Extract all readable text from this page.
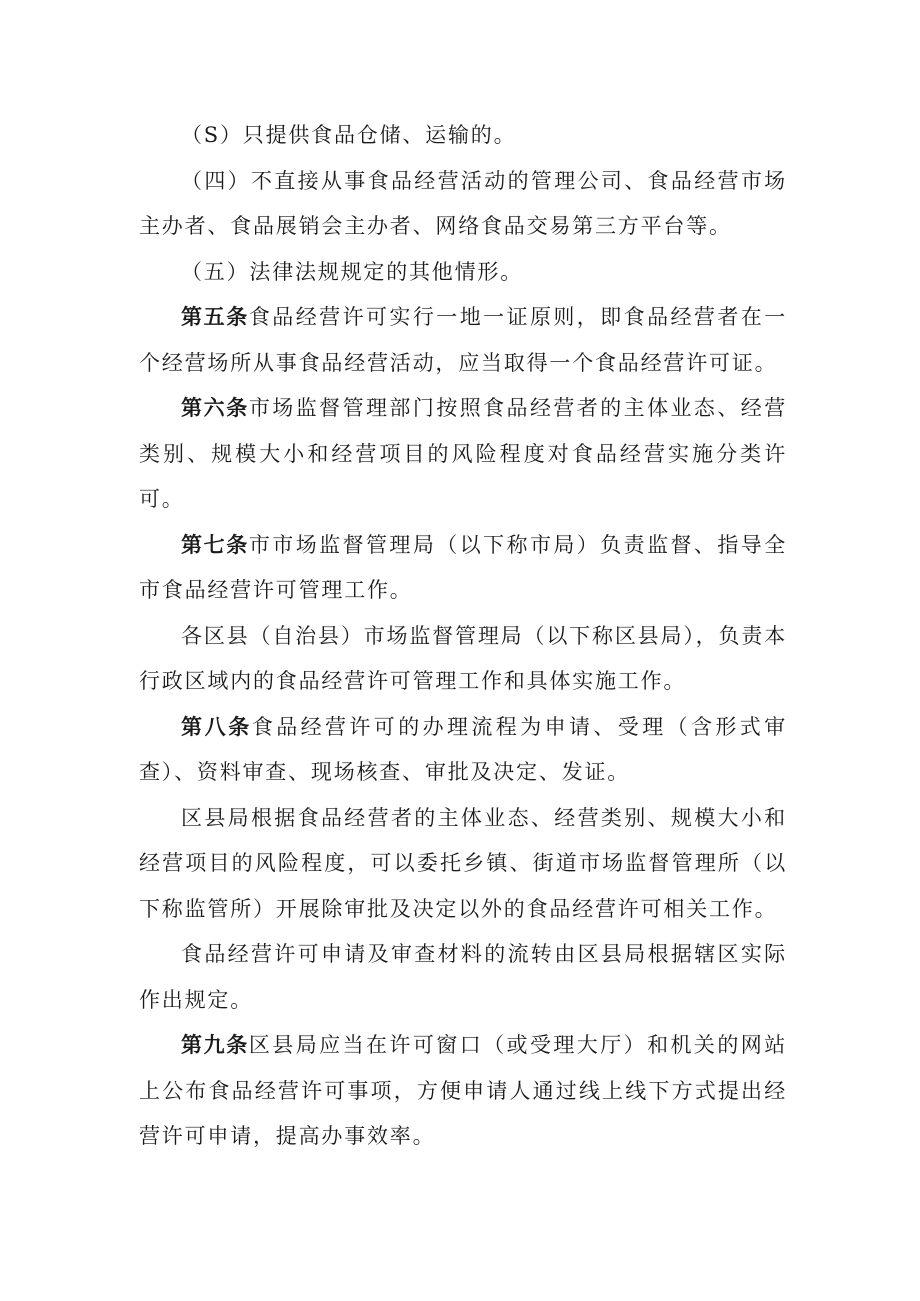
（S）只提供食品仓储、运输的。

（四）不直接从事食品经营活动的管理公司、食品经营市场主办者、食品展销会主办者、网络食品交易第三方平台等。

（五）法律法规规定的其他情形。

第五条食品经营许可实行一地一证原则，即食品经营者在一个经营场所从事食品经营活动，应当取得一个食品经营许可证。

第六条市场监督管理部门按照食品经营者的主体业态、经营类别、规模大小和经营项目的风险程度对食品经营实施分类许可。

第七条市市场监督管理局（以下称市局）负责监督、指导全市食品经营许可管理工作。

各区县（自治县）市场监督管理局（以下称区县局），负责本行政区域内的食品经营许可管理工作和具体实施工作。

第八条食品经营许可的办理流程为申请、受理（含形式审查）、资料审查、现场核查、审批及决定、发证。

区县局根据食品经营者的主体业态、经营类别、规模大小和经营项目的风险程度，可以委托乡镇、街道市场监督管理所（以下称监管所）开展除审批及决定以外的食品经营许可相关工作。

食品经营许可申请及审查材料的流转由区县局根据辖区实际作出规定。

第九条区县局应当在许可窗口（或受理大厅）和机关的网站上公布食品经营许可事项，方便申请人通过线上线下方式提出经营许可申请，提高办事效率。
